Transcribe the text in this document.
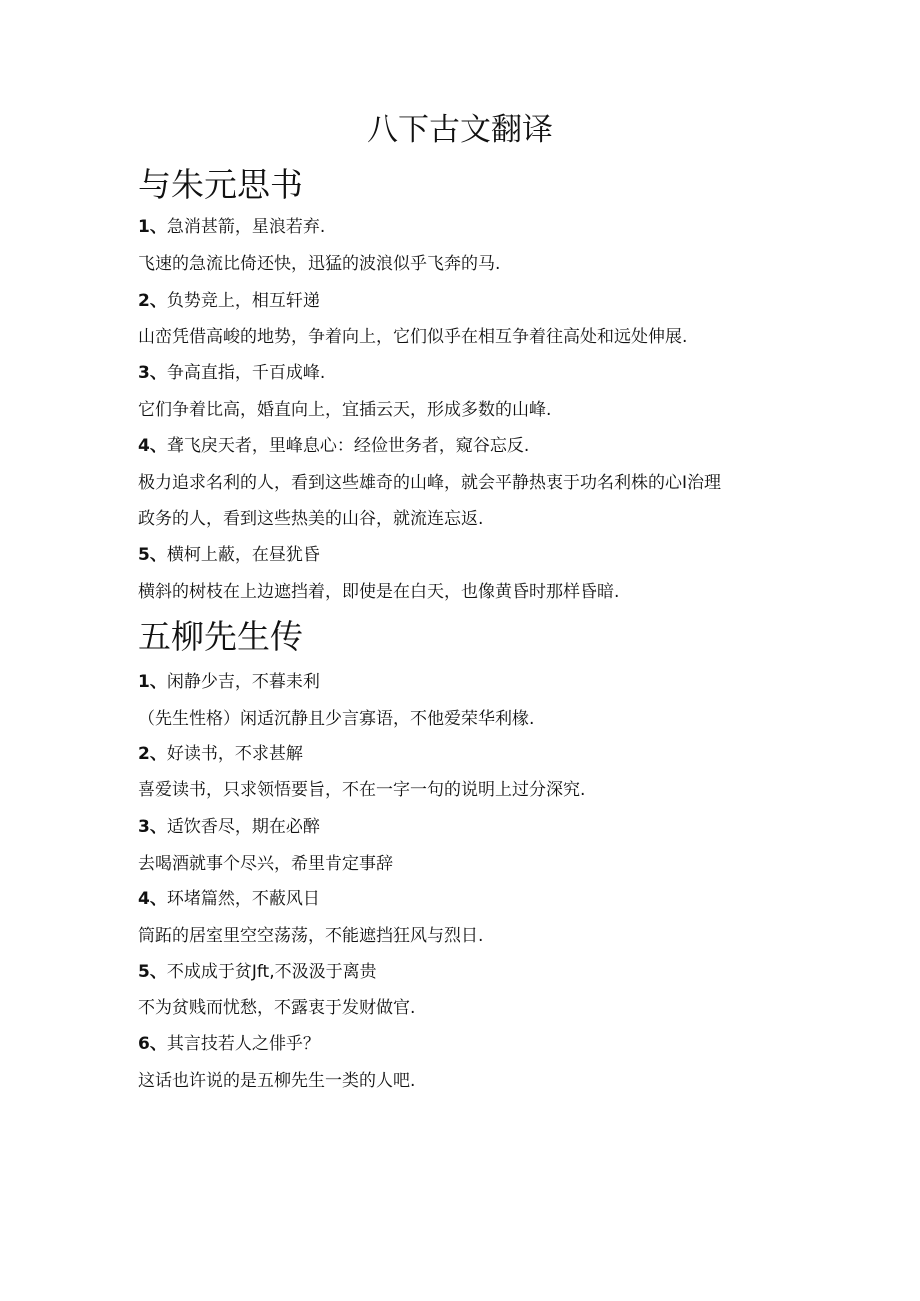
八下古文翻译
与朱元思书
1、急消甚箭，星浪若弃.
飞速的急流比倚还快，迅猛的波浪似乎飞奔的马.
2、负势竞上，相互轩递
山峦凭借高峻的地势，争着向上，它们似乎在相互争着往高处和远处伸展.
3、争高直指，千百成峰.
它们争着比高，婚直向上，宜插云天，形成多数的山峰.
4、聋飞戾天者，里峰息心：经俭世务者，窥谷忘反.
极力追求名利的人，看到这些雄奇的山峰，就会平静热衷于功名利株的心I治理
政务的人，看到这些热美的山谷，就流连忘返.
5、横柯上蔽，在昼犹昏
横斜的树枝在上边遮挡着，即使是在白天，也像黄昏时那样昏暗.
五柳先生传
1、闲静少吉，不暮耒利
（先生性格）闲适沉静且少言寡语，不他爱荣华利椽.
2、好读书，不求甚解
喜爱读书，只求领悟要旨，不在一字一句的说明上过分深究.
3、适饮香尽，期在必醉
去喝酒就事个尽兴，希里肯定事辞
4、环堵篇然，不蔽风日
筒跖的居室里空空荡荡，不能遮挡狂风与烈日.
5、不成成于贫Jft,不汲汲于离贵
不为贫贱而忧愁，不露衷于发财做官.
6、其言技若人之俳乎？
这话也许说的是五柳先生一类的人吧.
